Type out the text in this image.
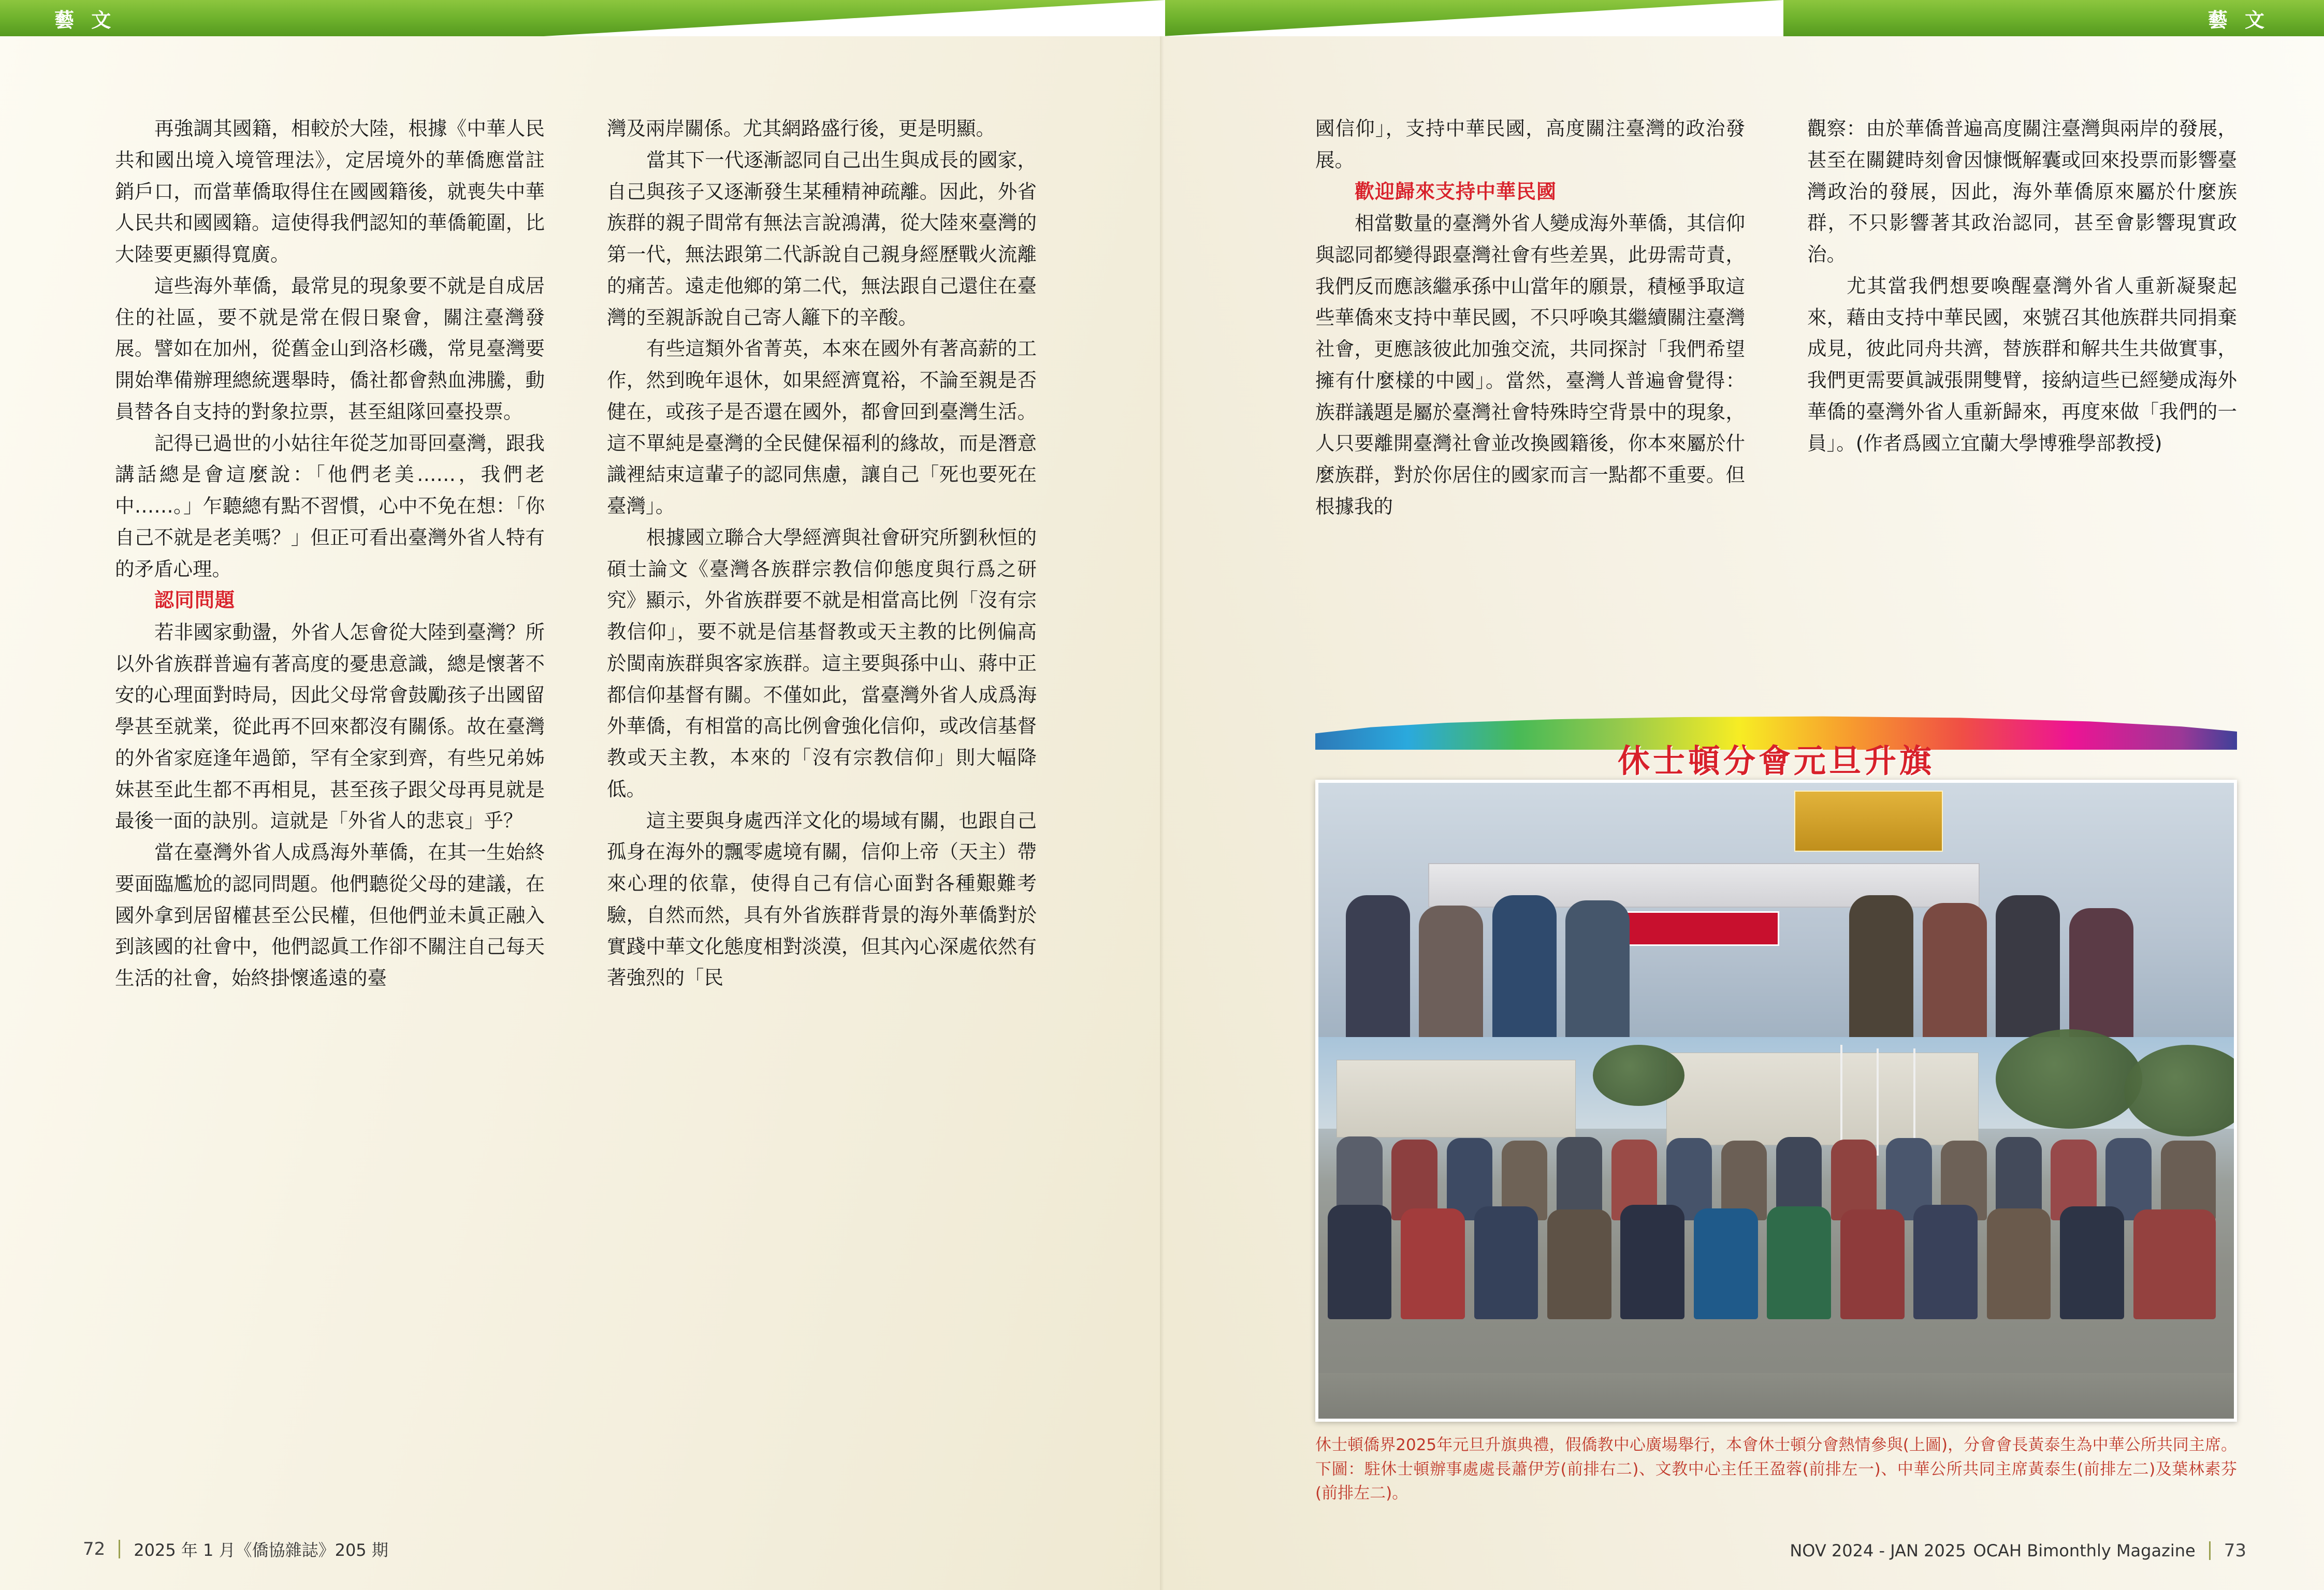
藝 文	藝 文

再強調其國籍，相較於大陸，根據《中華人民共和國出境入境管理法》，定居境外的華僑應當註銷戶口，而當華僑取得住在國國籍後，就喪失中華人民共和國國籍。這使得我們認知的華僑範圍，比大陸要更顯得寬廣。

這些海外華僑，最常見的現象要不就是自成居住的社區，要不就是常在假日聚會，關注臺灣發展。譬如在加州，從舊金山到洛杉磯，常見臺灣要開始準備辦理總統選舉時，僑社都會熱血沸騰，動員替各自支持的對象拉票，甚至組隊回臺投票。

記得已過世的小姑往年從芝加哥回臺灣，跟我講話總是會這麼說：「他們老美……，我們老中……。」乍聽總有點不習慣，心中不免在想：「你自己不就是老美嗎？」但正可看出臺灣外省人特有的矛盾心理。

認同問題

若非國家動盪，外省人怎會從大陸到臺灣？所以外省族群普遍有著高度的憂患意識，總是懷著不安的心理面對時局，因此父母常會鼓勵孩子出國留學甚至就業，從此再不回來都沒有關係。故在臺灣的外省家庭逢年過節，罕有全家到齊，有些兄弟姊妹甚至此生都不再相見，甚至孩子跟父母再見就是最後一面的訣別。這就是「外省人的悲哀」乎？

當在臺灣外省人成爲海外華僑，在其一生始終要面臨尷尬的認同問題。他們聽從父母的建議，在國外拿到居留權甚至公民權，但他們並未眞正融入到該國的社會中，他們認眞工作卻不關注自己每天生活的社會，始終掛懷遙遠的臺

灣及兩岸關係。尤其網路盛行後，更是明顯。

當其下一代逐漸認同自己出生與成長的國家，自己與孩子又逐漸發生某種精神疏離。因此，外省族群的親子間常有無法言說鴻溝，從大陸來臺灣的第一代，無法跟第二代訴說自己親身經歷戰火流離的痛苦。遠走他鄉的第二代，無法跟自己還住在臺灣的至親訴說自己寄人籬下的辛酸。

有些這類外省菁英，本來在國外有著高薪的工作，然到晚年退休，如果經濟寬裕，不論至親是否健在，或孩子是否還在國外，都會回到臺灣生活。這不單純是臺灣的全民健保福利的緣故，而是潛意識裡結束這輩子的認同焦慮，讓自己「死也要死在臺灣」。

根據國立聯合大學經濟與社會研究所劉秋恒的碩士論文《臺灣各族群宗教信仰態度與行爲之研究》顯示，外省族群要不就是相當高比例「沒有宗教信仰」，要不就是信基督教或天主教的比例偏高於閩南族群與客家族群。這主要與孫中山、蔣中正都信仰基督有關。不僅如此，當臺灣外省人成爲海外華僑，有相當的高比例會強化信仰，或改信基督教或天主教，本來的「沒有宗教信仰」則大幅降低。

這主要與身處西洋文化的場域有關，也跟自己孤身在海外的飄零處境有關，信仰上帝（天主）帶來心理的依靠，使得自己有信心面對各種艱難考驗，自然而然，具有外省族群背景的海外華僑對於實踐中華文化態度相對淡漠，但其內心深處依然有著強烈的「民

國信仰」，支持中華民國，高度關注臺灣的政治發展。

歡迎歸來支持中華民國

相當數量的臺灣外省人變成海外華僑，其信仰與認同都變得跟臺灣社會有些差異，此毋需苛責，我們反而應該繼承孫中山當年的願景，積極爭取這些華僑來支持中華民國，不只呼喚其繼續關注臺灣社會，更應該彼此加強交流，共同探討「我們希望擁有什麼樣的中國」。當然，臺灣人普遍會覺得：族群議題是屬於臺灣社會特殊時空背景中的現象，人只要離開臺灣社會並改換國籍後，你本來屬於什麼族群，對於你居住的國家而言一點都不重要。但根據我的

觀察：由於華僑普遍高度關注臺灣與兩岸的發展，甚至在關鍵時刻會因慷慨解囊或回來投票而影響臺灣政治的發展，因此，海外華僑原來屬於什麼族群，不只影響著其政治認同，甚至會影響現實政治。

尤其當我們想要喚醒臺灣外省人重新凝聚起來，藉由支持中華民國，來號召其他族群共同捐棄成見，彼此同舟共濟，替族群和解共生共做實事，我們更需要眞誠張開雙臂，接納這些已經變成海外華僑的臺灣外省人重新歸來，再度來做「我們的一員」。(作者爲國立宜蘭大學博雅學部教授)

休士頓分會元旦升旗
休士頓僑界2025年元旦升旗典禮，假僑教中心廣場舉行，本會休士頓分會熱情參與(上圖)，分會會長黃泰生為中華公所共同主席。下圖：駐休士頓辦事處處長蕭伊芳(前排右二)、文教中心主任王盈蓉(前排左一)、中華公所共同主席黃泰生(前排左二)及葉林素芬(前排左二)。
72 2025 年 1 月《僑協雜誌》205 期	NOV 2024 - JAN 2025 OCAH Bimonthly Magazine 73
